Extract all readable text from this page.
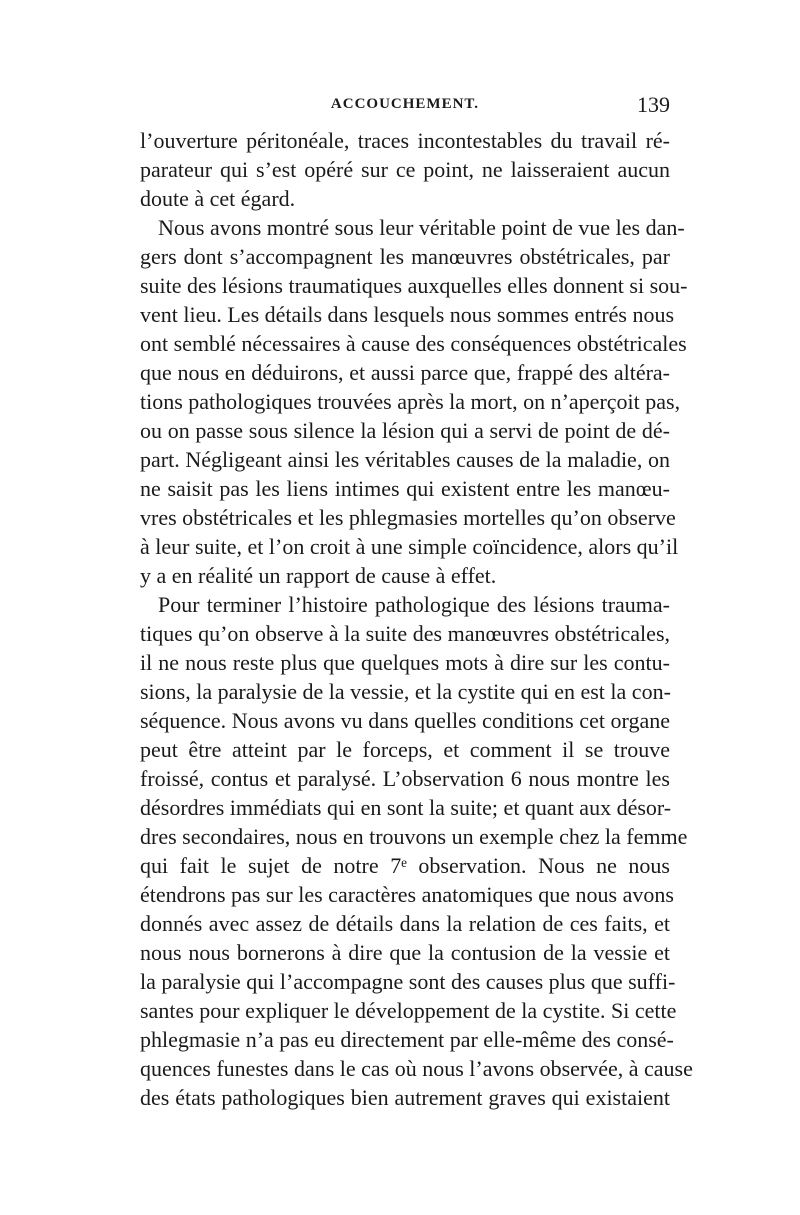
ACCOUCHEMENT.	139
l’ouverture péritonéale, traces incontestables du travail ré-
parateur qui s’est opéré sur ce point, ne laisseraient aucun
doute à cet égard.
Nous avons montré sous leur véritable point de vue les dan-
gers dont s’accompagnent les manœuvres obstétricales, par
suite des lésions traumatiques auxquelles elles donnent si sou-
vent lieu. Les détails dans lesquels nous sommes entrés nous
ont semblé nécessaires à cause des conséquences obstétricales
que nous en déduirons, et aussi parce que, frappé des altéra-
tions pathologiques trouvées après la mort, on n’aperçoit pas,
ou on passe sous silence la lésion qui a servi de point de dé-
part. Négligeant ainsi les véritables causes de la maladie, on
ne saisit pas les liens intimes qui existent entre les manœu-
vres obstétricales et les phlegmasies mortelles qu’on observe
à leur suite, et l’on croit à une simple coïncidence, alors qu’il
y a en réalité un rapport de cause à effet.
Pour terminer l’histoire pathologique des lésions trauma-
tiques qu’on observe à la suite des manœuvres obstétricales,
il ne nous reste plus que quelques mots à dire sur les contu-
sions, la paralysie de la vessie, et la cystite qui en est la con-
séquence. Nous avons vu dans quelles conditions cet organe
peut être atteint par le forceps, et comment il se trouve
froissé, contus et paralysé. L’observation 6 nous montre les
désordres immédiats qui en sont la suite; et quant aux désor-
dres secondaires, nous en trouvons un exemple chez la femme
qui fait le sujet de notre 7ᵉ observation. Nous ne nous
étendrons pas sur les caractères anatomiques que nous avons
donnés avec assez de détails dans la relation de ces faits, et
nous nous bornerons à dire que la contusion de la vessie et
la paralysie qui l’accompagne sont des causes plus que suffi-
santes pour expliquer le développement de la cystite. Si cette
phlegmasie n’a pas eu directement par elle-même des consé-
quences funestes dans le cas où nous l’avons observée, à cause
des états pathologiques bien autrement graves qui existaient
